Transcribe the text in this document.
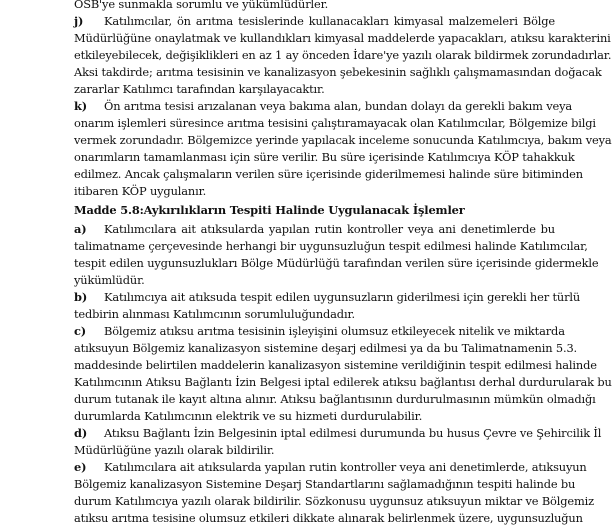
OSB'ye sunmakla sorumlu ve yükümlüdürler.
j) Katılımcılar, ön arıtma tesislerinde kullanacakları kimyasal malzemeleri Bölge
Müdürlüğüne onaylatmak ve kullandıkları kimyasal maddelerde yapacakları, atıksu karakterini
etkileyebilecek, değişiklikleri en az 1 ay önceden İdare'ye yazılı olarak bildirmek zorundadırlar.
Aksi takdirde; arıtma tesisinin ve kanalizasyon şebekesinin sağlıklı çalışmamasından doğacak
zararlar Katılımcı tarafından karşılayacaktır.
k) Ön arıtma tesisi arızalanan veya bakıma alan, bundan dolayı da gerekli bakım veya
onarım işlemleri süresince arıtma tesisini çalıştıramayacak olan Katılımcılar, Bölgemize bilgi
vermek zorundadır. Bölgemizce yerinde yapılacak inceleme sonucunda Katılımcıya, bakım veya
onarımların tamamlanması için süre verilir. Bu süre içerisinde Katılımcıya KÖP tahakkuk
edilmez. Ancak çalışmaların verilen süre içerisinde giderilmemesi halinde süre bitiminden
itibaren KÖP uygulanır.
Madde 5.8:Aykırılıkların Tespiti Halinde Uygulanacak İşlemler
a) Katılımcılara ait atıksularda yapılan rutin kontroller veya ani denetimlerde bu
talimatname çerçevesinde herhangi bir uygunsuzluğun tespit edilmesi halinde Katılımcılar,
tespit edilen uygunsuzlukları Bölge Müdürlüğü tarafından verilen süre içerisinde gidermekle
yükümlüdür.
b) Katılımcıya ait atıksuda tespit edilen uygunsuzların giderilmesi için gerekli her türlü
tedbirin alınması Katılımcının sorumluluğundadır.
c) Bölgemiz atıksu arıtma tesisinin işleyişini olumsuz etkileyecek nitelik ve miktarda
atıksuyun Bölgemiz kanalizasyon sistemine deşarj edilmesi ya da bu Talimatnamenin 5.3.
maddesinde belirtilen maddelerin kanalizasyon sistemine verildiğinin tespit edilmesi halinde
Katılımcının Atıksu Bağlantı İzin Belgesi iptal edilerek atıksu bağlantısı derhal durdurularak bu
durum tutanak ile kayıt altına alınır. Atıksu bağlantısının durdurulmasının mümkün olmadığı
durumlarda Katılımcının elektrik ve su hizmeti durdurulabilir.
d) Atıksu Bağlantı İzin Belgesinin iptal edilmesi durumunda bu husus Çevre ve Şehircilik İl
Müdürlüğüne yazılı olarak bildirilir.
e) Katılımcılara ait atıksularda yapılan rutin kontroller veya ani denetimlerde, atıksuyun
Bölgemiz kanalizasyon Sistemine Deşarj Standartlarını sağlamadığının tespiti halinde bu
durum Katılımcıya yazılı olarak bildirilir. Sözkonusu uygunsuz atıksuyun miktar ve Bölgemiz
atıksu arıtma tesisine olumsuz etkileri dikkate alınarak belirlenmek üzere, uygunsuzluğun
